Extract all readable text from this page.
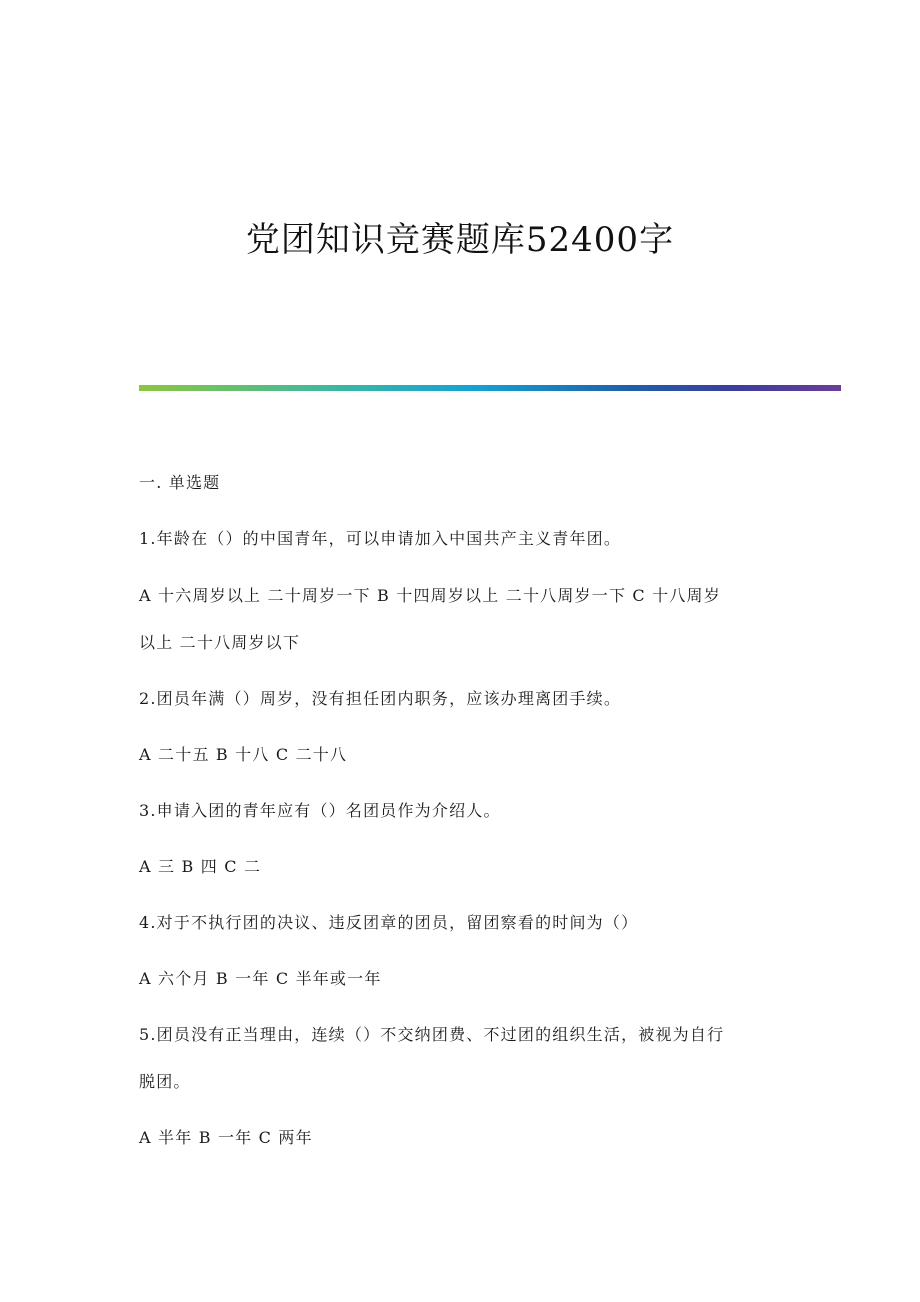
党团知识竞赛题库52400字
一. 单选题
1.年龄在（）的中国青年，可以申请加入中国共产主义青年团。
A 十六周岁以上 二十周岁一下 B 十四周岁以上 二十八周岁一下 C 十八周岁
以上 二十八周岁以下
2.团员年满（）周岁，没有担任团内职务，应该办理离团手续。
A 二十五 B 十八 C 二十八
3.申请入团的青年应有（）名团员作为介绍人。
A 三 B 四 C 二
4.对于不执行团的决议、违反团章的团员，留团察看的时间为（）
A 六个月 B 一年 C 半年或一年
5.团员没有正当理由，连续（）不交纳团费、不过团的组织生活，被视为自行
脱团。
A 半年 B 一年 C 两年
